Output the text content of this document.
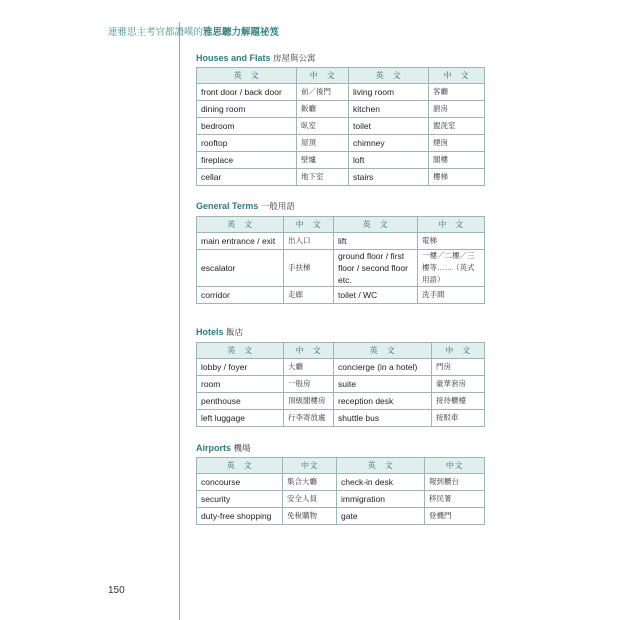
連雅思主考官都讚嘆的雅思聽力解題祕笈
Houses and Flats 房屋與公寓
英　文	中　文	英　文	中　文
front door / back door	前／後門	living room	客廳
dining room	飯廳	kitchen	廚房
bedroom	臥室	toilet	盥洗室
rooftop	屋頂	chimney	煙囪
fireplace	壁爐	loft	閣樓
cellar	地下室	stairs	樓梯
General Terms 一般用語
英　文	中　文	英　文	中　文
main entrance / exit	出入口	lift	電梯
escalator	手扶梯	ground floor / first floor / second floor etc.	一樓／二樓／三樓等……（英式用語）
corridor	走廊	toilet / WC	洗手間
Hotels 飯店
英　文	中　文	英　文	中　文
lobby / foyer	大廳	concierge (in a hotel)	門房
room	一般房	suite	豪華套房
penthouse	頂級閣樓房	reception desk	接待櫃檯
left luggage	行李寄放處	shuttle bus	接駁車
Airports 機場
英　文	中文	英　文	中文
concourse	集合大廳	check-in desk	報到櫃台
security	安全人員	immigration	移民署
duty-free shopping	免稅購物	gate	登機門
150
